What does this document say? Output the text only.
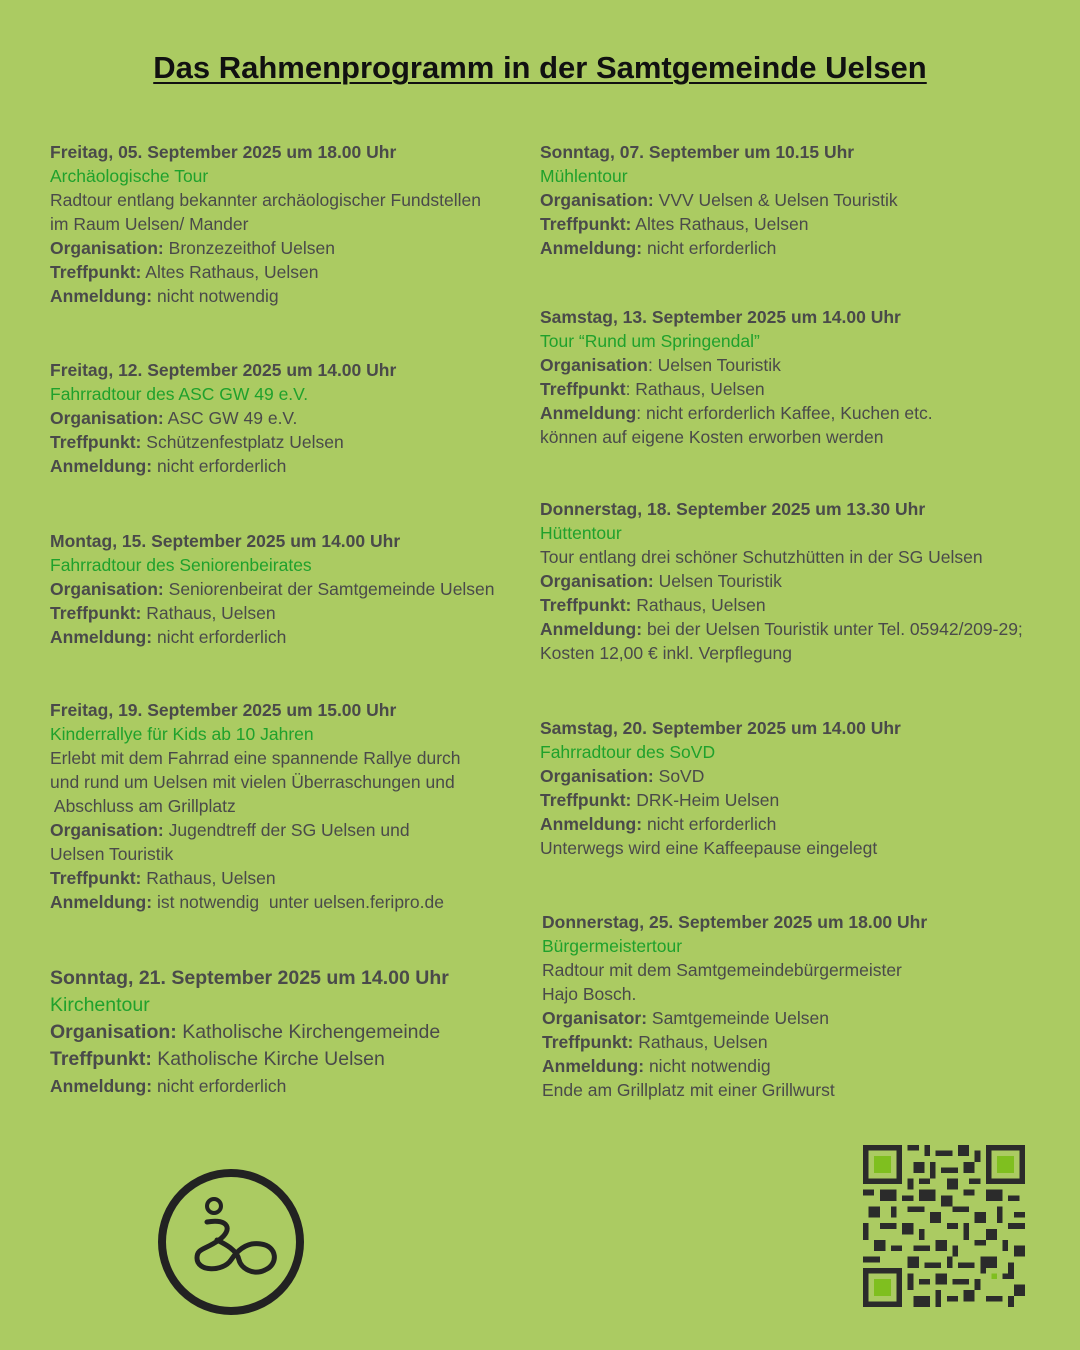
Das Rahmenprogramm in der Samtgemeinde Uelsen
Freitag, 05. September 2025 um 18.00 Uhr
Archäologische Tour
Radtour entlang bekannter archäologischer Fundstellen
im Raum Uelsen/ Mander
Organisation: Bronzezeithof Uelsen
Treffpunkt: Altes Rathaus, Uelsen
Anmeldung: nicht notwendig
Freitag, 12. September 2025 um 14.00 Uhr
Fahrradtour des ASC GW 49 e.V.
Organisation: ASC GW 49 e.V.
Treffpunkt: Schützenfestplatz Uelsen
Anmeldung: nicht erforderlich
Montag, 15. September 2025 um 14.00 Uhr
Fahrradtour des Seniorenbeirates
Organisation: Seniorenbeirat der Samtgemeinde Uelsen
Treffpunkt: Rathaus, Uelsen
Anmeldung: nicht erforderlich
Freitag, 19. September 2025 um 15.00 Uhr
Kinderrallye für Kids ab 10 Jahren
Erlebt mit dem Fahrrad eine spannende Rallye durch
und rund um Uelsen mit vielen Überraschungen und
Abschluss am Grillplatz
Organisation: Jugendtreff der SG Uelsen und
Uelsen Touristik
Treffpunkt: Rathaus, Uelsen
Anmeldung: ist notwendig  unter uelsen.feripro.de
Sonntag, 21. September 2025 um 14.00 Uhr
Kirchentour
Organisation: Katholische Kirchengemeinde
Treffpunkt: Katholische Kirche Uelsen
Anmeldung: nicht erforderlich
Sonntag, 07. September um 10.15 Uhr
Mühlentour
Organisation: VVV Uelsen & Uelsen Touristik
Treffpunkt: Altes Rathaus, Uelsen
Anmeldung: nicht erforderlich
Samstag, 13. September 2025 um 14.00 Uhr
Tour “Rund um Springendal”
Organisation: Uelsen Touristik
Treffpunkt: Rathaus, Uelsen
Anmeldung: nicht erforderlich Kaffee, Kuchen etc.
können auf eigene Kosten erworben werden
Donnerstag, 18. September 2025 um 13.30 Uhr
Hüttentour
Tour entlang drei schöner Schutzhütten in der SG Uelsen
Organisation: Uelsen Touristik
Treffpunkt: Rathaus, Uelsen
Anmeldung: bei der Uelsen Touristik unter Tel. 05942/209-29;
Kosten 12,00 € inkl. Verpflegung
Samstag, 20. September 2025 um 14.00 Uhr
Fahrradtour des SoVD
Organisation: SoVD
Treffpunkt: DRK-Heim Uelsen
Anmeldung: nicht erforderlich
Unterwegs wird eine Kaffeepause eingelegt
Donnerstag, 25. September 2025 um 18.00 Uhr
Bürgermeistertour
Radtour mit dem Samtgemeindebürgermeister
Hajo Bosch.
Organisator: Samtgemeinde Uelsen
Treffpunkt: Rathaus, Uelsen
Anmeldung: nicht notwendig
Ende am Grillplatz mit einer Grillwurst
